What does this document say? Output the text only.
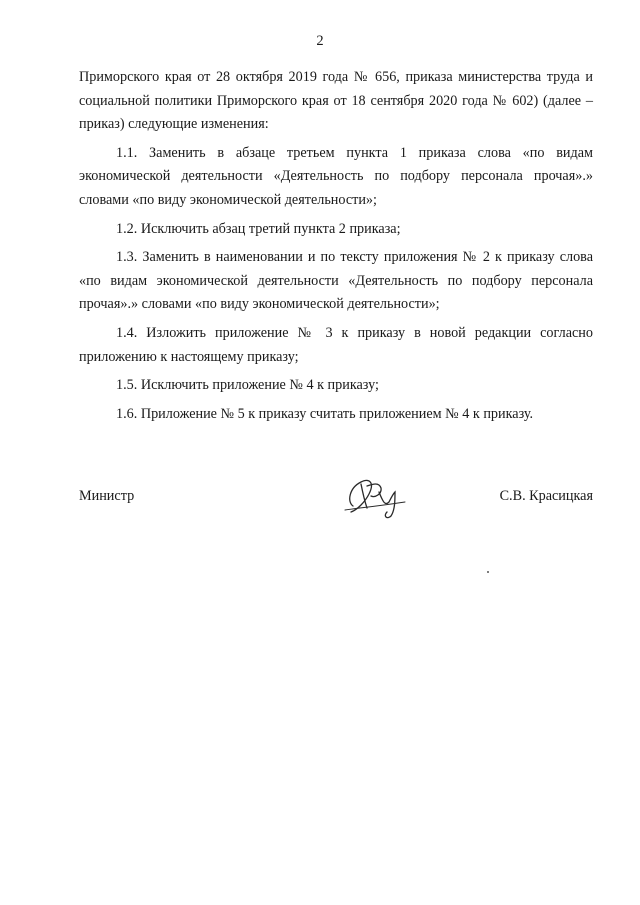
2

Приморского края от 28 октября 2019 года № 656, приказа министерства труда и социальной политики Приморского края от 18 сентября 2020 года № 602) (далее – приказ) следующие изменения:

1.1. Заменить в абзаце третьем пункта 1 приказа слова «по видам экономической деятельности «Деятельность по подбору персонала прочая».» словами «по виду экономической деятельности»;

1.2. Исключить абзац третий пункта 2 приказа;

1.3. Заменить в наименовании и по тексту приложения № 2 к приказу слова «по видам экономической деятельности «Деятельность по подбору персонала прочая».» словами «по виду экономической деятельности»;

1.4. Изложить приложение № 3 к приказу в новой редакции согласно приложению к настоящему приказу;

1.5. Исключить приложение № 4 к приказу;

1.6. Приложение № 5 к приказу считать приложением № 4 к приказу.

Министр	С.В. Красицкая
